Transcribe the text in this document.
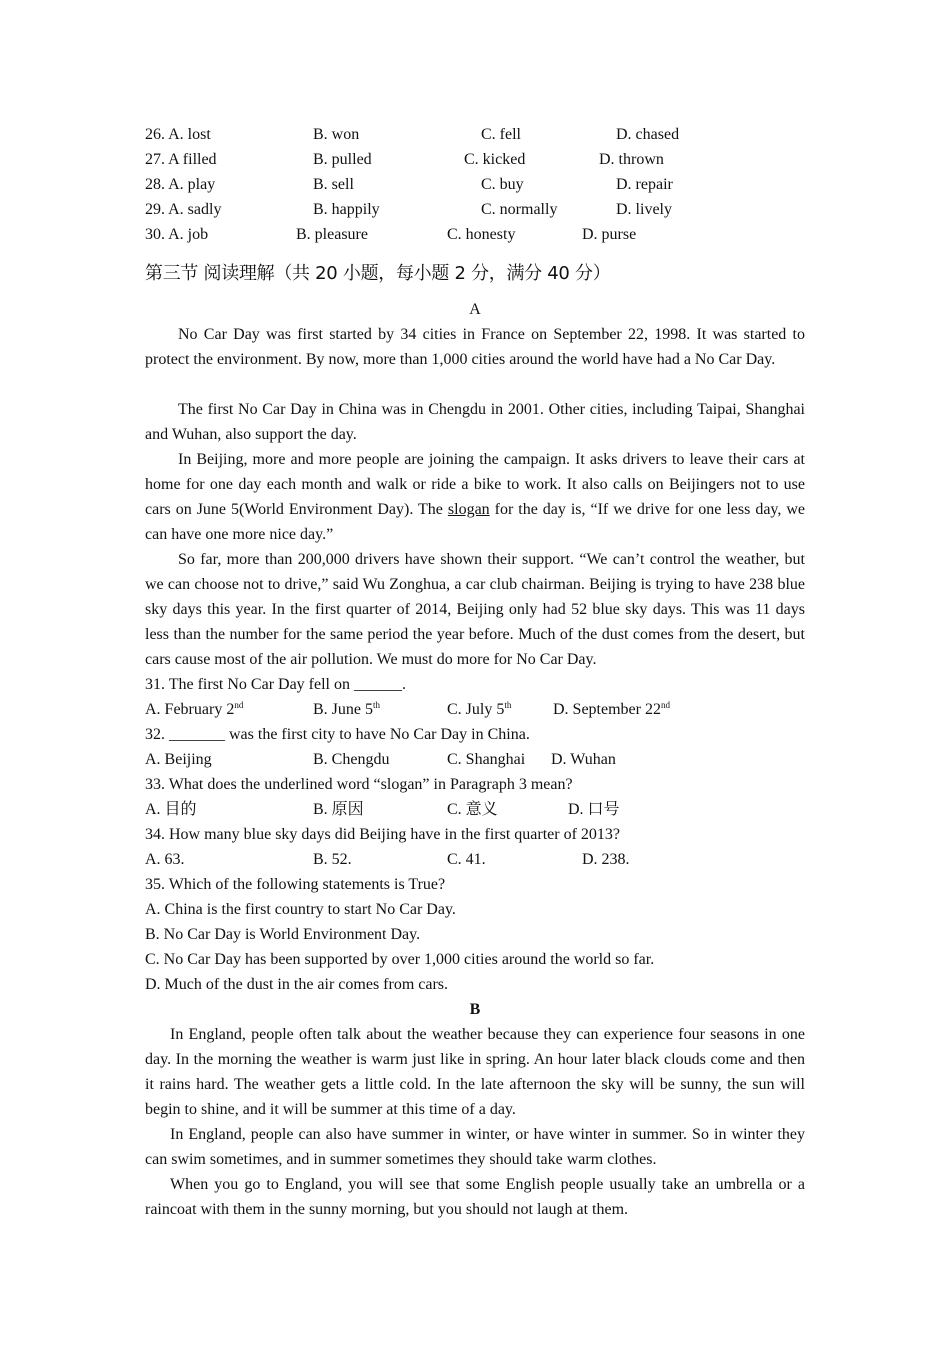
26. A. lost	B. won	C. fell	D. chased
27. A filled	B. pulled	C. kicked	D. thrown
28. A. play	B. sell	C. buy	D. repair
29. A. sadly	B. happily	C. normally	D. lively
30. A. job	B. pleasure	C. honesty	D. purse
第三节 阅读理解（共 20 小题，每小题 2 分，满分 40 分）
A
No Car Day was first started by 34 cities in France on September 22, 1998. It was started to protect the environment. By now, more than 1,000 cities around the world have had a No Car Day.
The first No Car Day in China was in Chengdu in 2001. Other cities, including Taipai, Shanghai and Wuhan, also support the day.
In Beijing, more and more people are joining the campaign. It asks drivers to leave their cars at home for one day each month and walk or ride a bike to work. It also calls on Beijingers not to use cars on June 5(World Environment Day). The slogan for the day is, “If we drive for one less day, we can have one more nice day.”
So far, more than 200,000 drivers have shown their support. “We can’t control the weather, but we can choose not to drive,” said Wu Zonghua, a car club chairman. Beijing is trying to have 238 blue sky days this year. In the first quarter of 2014, Beijing only had 52 blue sky days. This was 11 days less than the number for the same period the year before. Much of the dust comes from the desert, but cars cause most of the air pollution. We must do more for No Car Day.
31. The first No Car Day fell on ______.
A. February 2nd	B. June 5th	C. July 5th	D. September 22nd
32. _______ was the first city to have No Car Day in China.
A. Beijing	B. Chengdu	C. Shanghai D. Wuhan
33. What does the underlined word “slogan” in Paragraph 3 mean?
A. 目的	B. 原因	C. 意义	D. 口号
34. How many blue sky days did Beijing have in the first quarter of 2013?
A. 63.	B. 52.	C. 41.	D. 238.
35. Which of the following statements is True?
A. China is the first country to start No Car Day.
B. No Car Day is World Environment Day.
C. No Car Day has been supported by over 1,000 cities around the world so far.
D. Much of the dust in the air comes from cars.
B
In England, people often talk about the weather because they can experience four seasons in one day. In the morning the weather is warm just like in spring. An hour later black clouds come and then it rains hard. The weather gets a little cold. In the late afternoon the sky will be sunny, the sun will begin to shine, and it will be summer at this time of a day.
In England, people can also have summer in winter, or have winter in summer. So in winter they can swim sometimes, and in summer sometimes they should take warm clothes.
When you go to England, you will see that some English people usually take an umbrella or a raincoat with them in the sunny morning, but you should not laugh at them.
